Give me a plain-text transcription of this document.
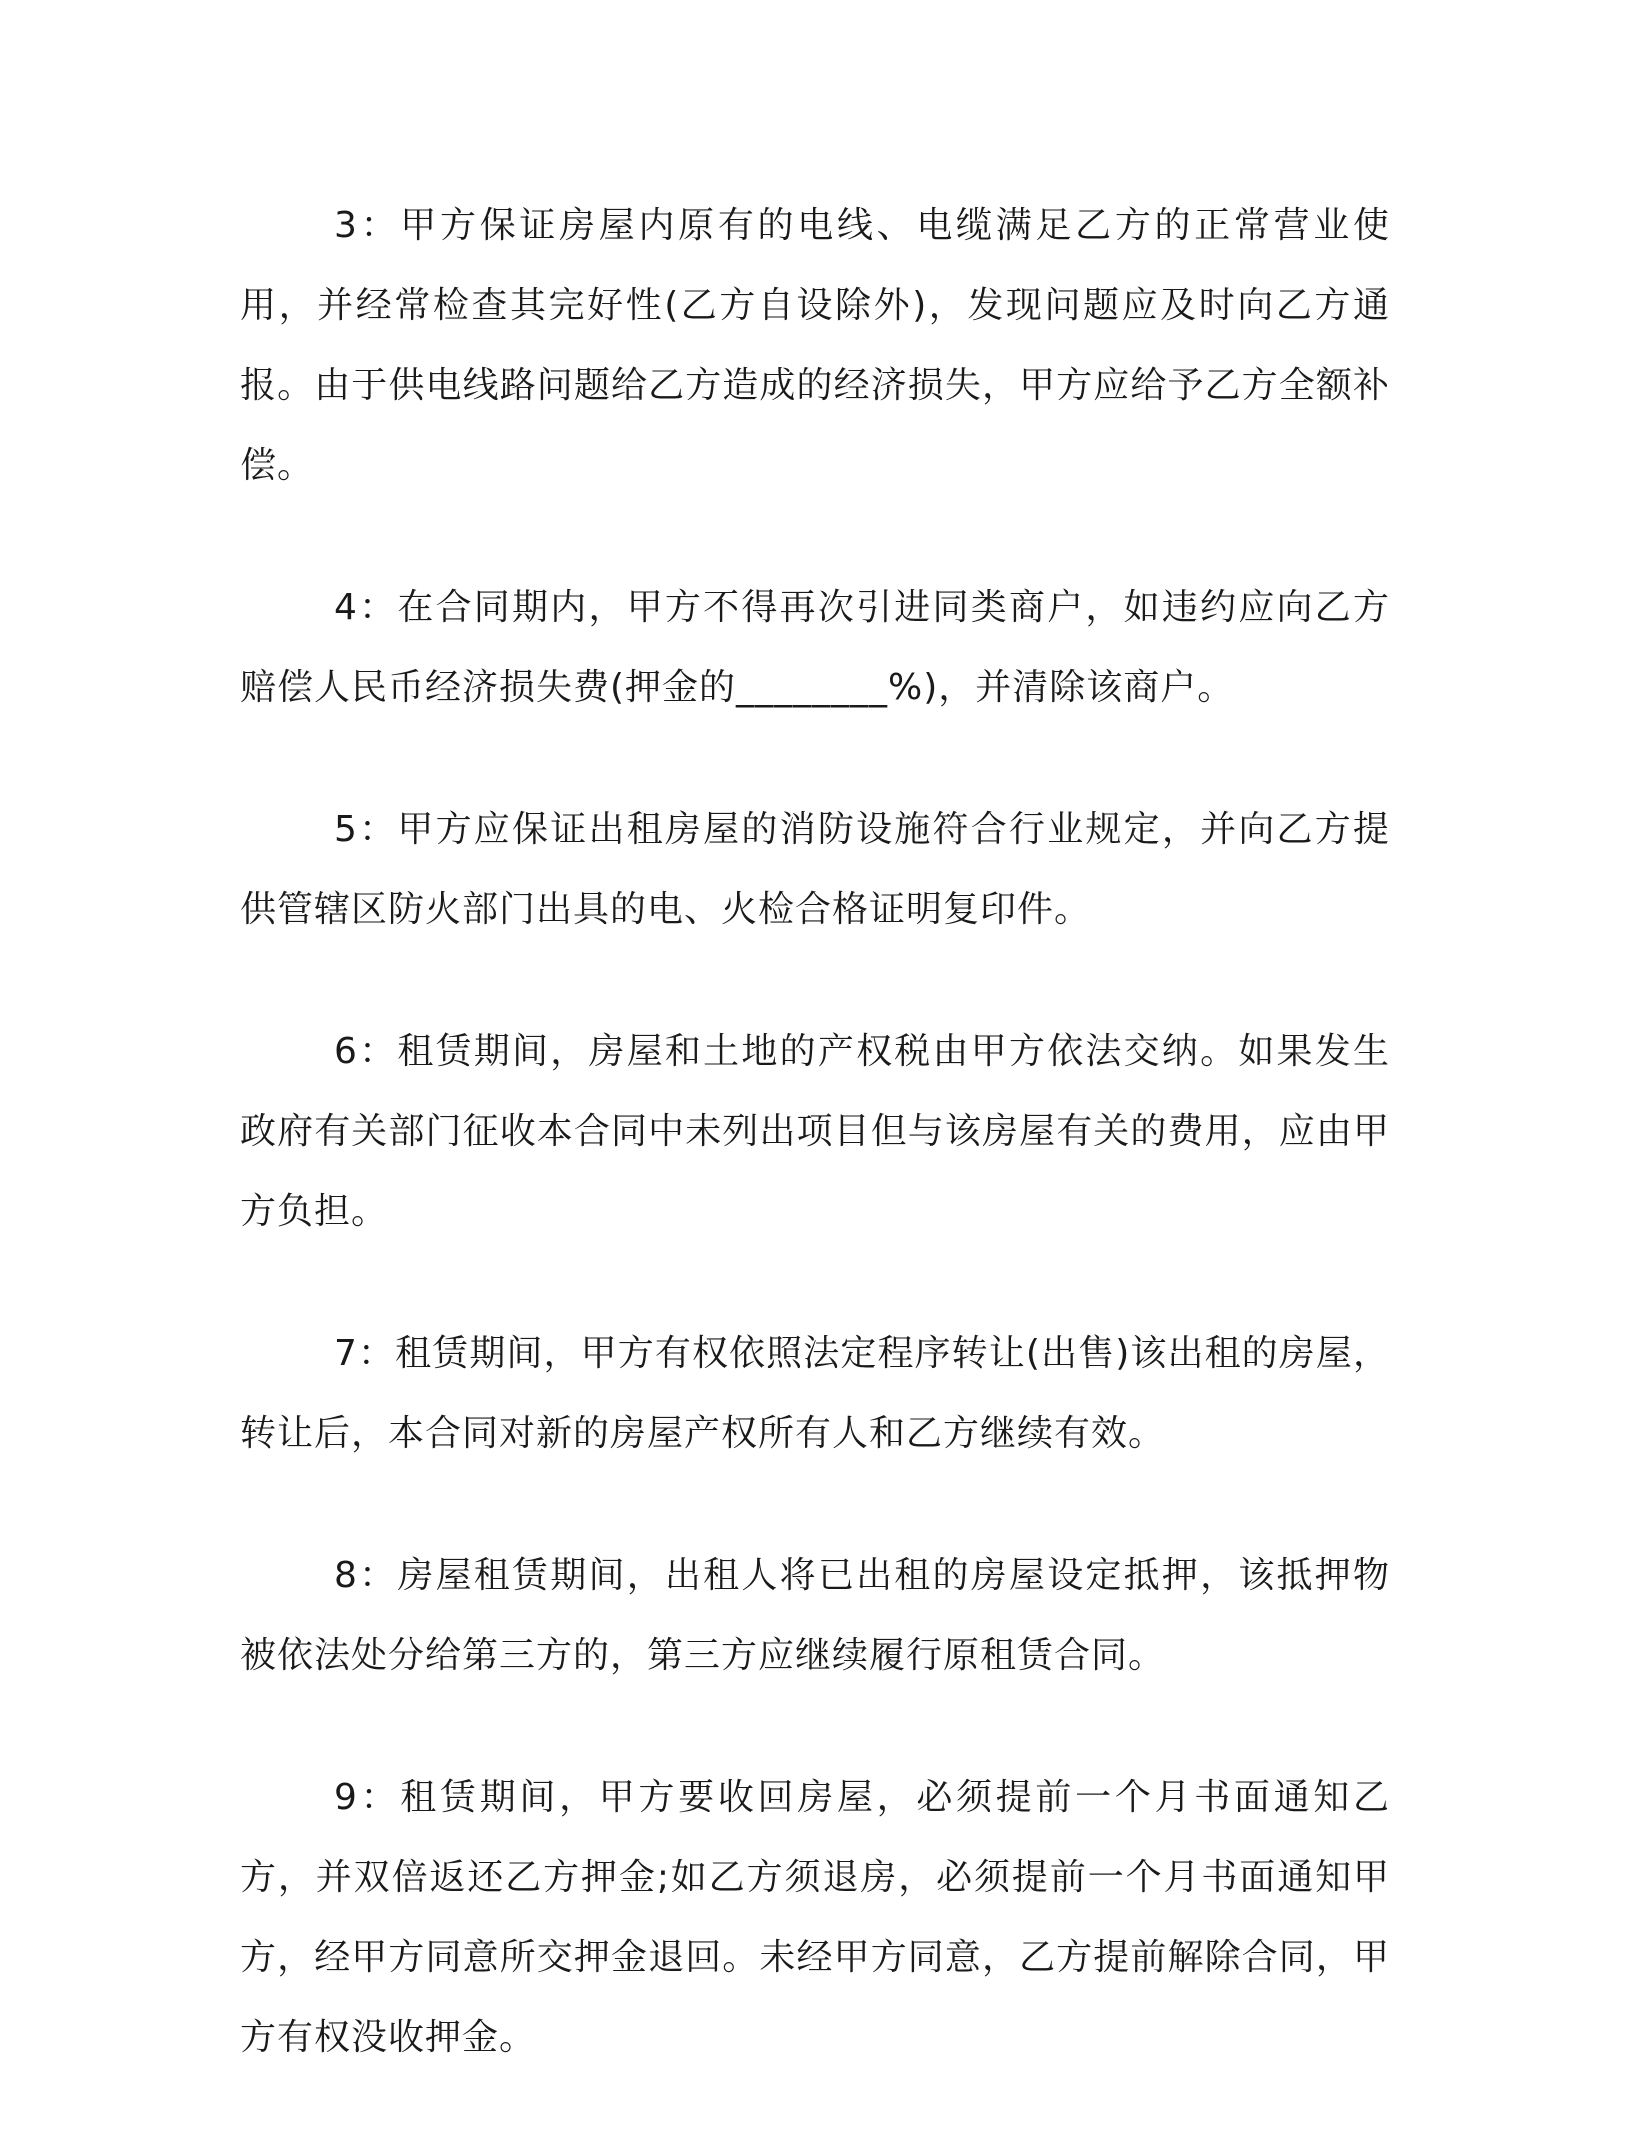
3：甲方保证房屋内原有的电线、电缆满足乙方的正常营业使用，并经常检查其完好性(乙方自设除外)，发现问题应及时向乙方通报。由于供电线路问题给乙方造成的经济损失，甲方应给予乙方全额补偿。

4：在合同期内，甲方不得再次引进同类商户，如违约应向乙方赔偿人民币经济损失费(押金的________%)，并清除该商户。

5：甲方应保证出租房屋的消防设施符合行业规定，并向乙方提供管辖区防火部门出具的电、火检合格证明复印件。

6：租赁期间，房屋和土地的产权税由甲方依法交纳。如果发生政府有关部门征收本合同中未列出项目但与该房屋有关的费用，应由甲方负担。

7：租赁期间，甲方有权依照法定程序转让(出售)该出租的房屋，转让后，本合同对新的房屋产权所有人和乙方继续有效。

8：房屋租赁期间，出租人将已出租的房屋设定抵押，该抵押物被依法处分给第三方的，第三方应继续履行原租赁合同。

9：租赁期间，甲方要收回房屋，必须提前一个月书面通知乙方，并双倍返还乙方押金;如乙方须退房，必须提前一个月书面通知甲方，经甲方同意所交押金退回。未经甲方同意，乙方提前解除合同，甲方有权没收押金。
